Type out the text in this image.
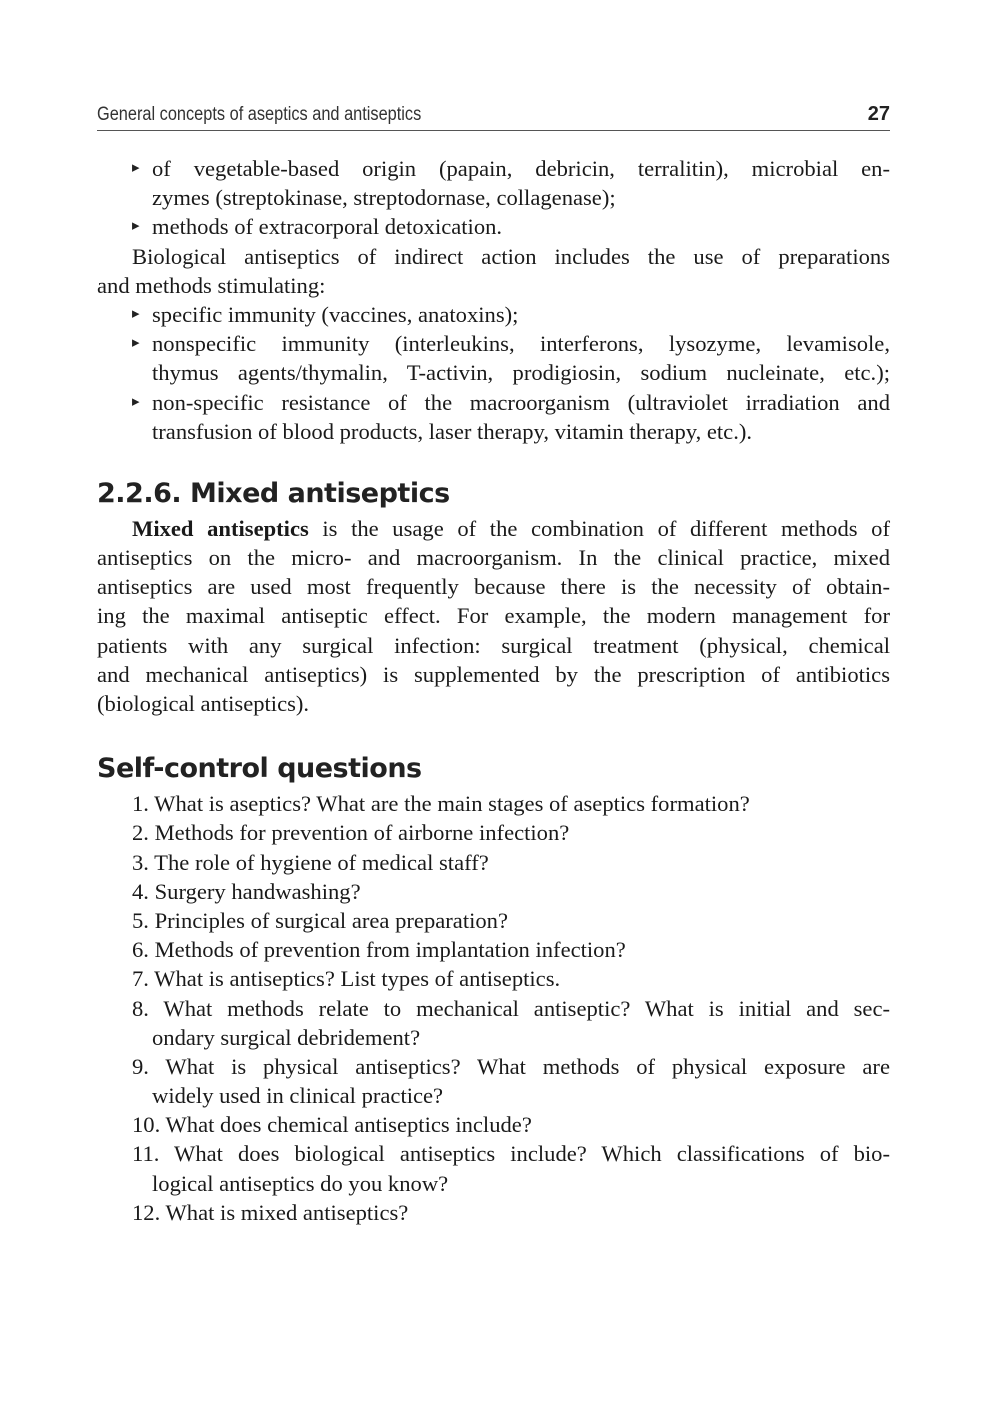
General concepts of aseptics and antiseptics	27
▸ of vegetable-based origin (papain, debricin, terralitin), microbial en-
zymes (streptokinase, streptodornase, collagenase);
▸ methods of extracorporal detoxication.
Biological antiseptics of indirect action includes the use of preparations
and methods stimulating:
▸ specific immunity (vaccines, anatoxins);
▸ nonspecific immunity (interleukins, interferons, lysozyme, levamisole,
thymus agents/thymalin, T-activin, prodigiosin, sodium nucleinate, etc.);
▸ non-specific resistance of the macroorganism (ultraviolet irradiation and
transfusion of blood products, laser therapy, vitamin therapy, etc.).
2.2.6. Mixed antiseptics
Mixed antiseptics is the usage of the combination of different methods of
antiseptics on the micro- and macroorganism. In the clinical practice, mixed
antiseptics are used most frequently because there is the necessity of obtain-
ing the maximal antiseptic effect. For example, the modern management for
patients with any surgical infection: surgical treatment (physical, chemical
and mechanical antiseptics) is supplemented by the prescription of antibiotics
(biological antiseptics).
Self-control questions
1. What is aseptics? What are the main stages of aseptics formation?
2. Methods for prevention of airborne infection?
3. The role of hygiene of medical staff?
4. Surgery handwashing?
5. Principles of surgical area preparation?
6. Methods of prevention from implantation infection?
7. What is antiseptics? List types of antiseptics.
8. What methods relate to mechanical antiseptic? What is initial and sec-
ondary surgical debridement?
9. What is physical antiseptics? What methods of physical exposure are
widely used in clinical practice?
10. What does chemical antiseptics include?
11. What does biological antiseptics include? Which classifications of bio-
logical antiseptics do you know?
12. What is mixed antiseptics?
